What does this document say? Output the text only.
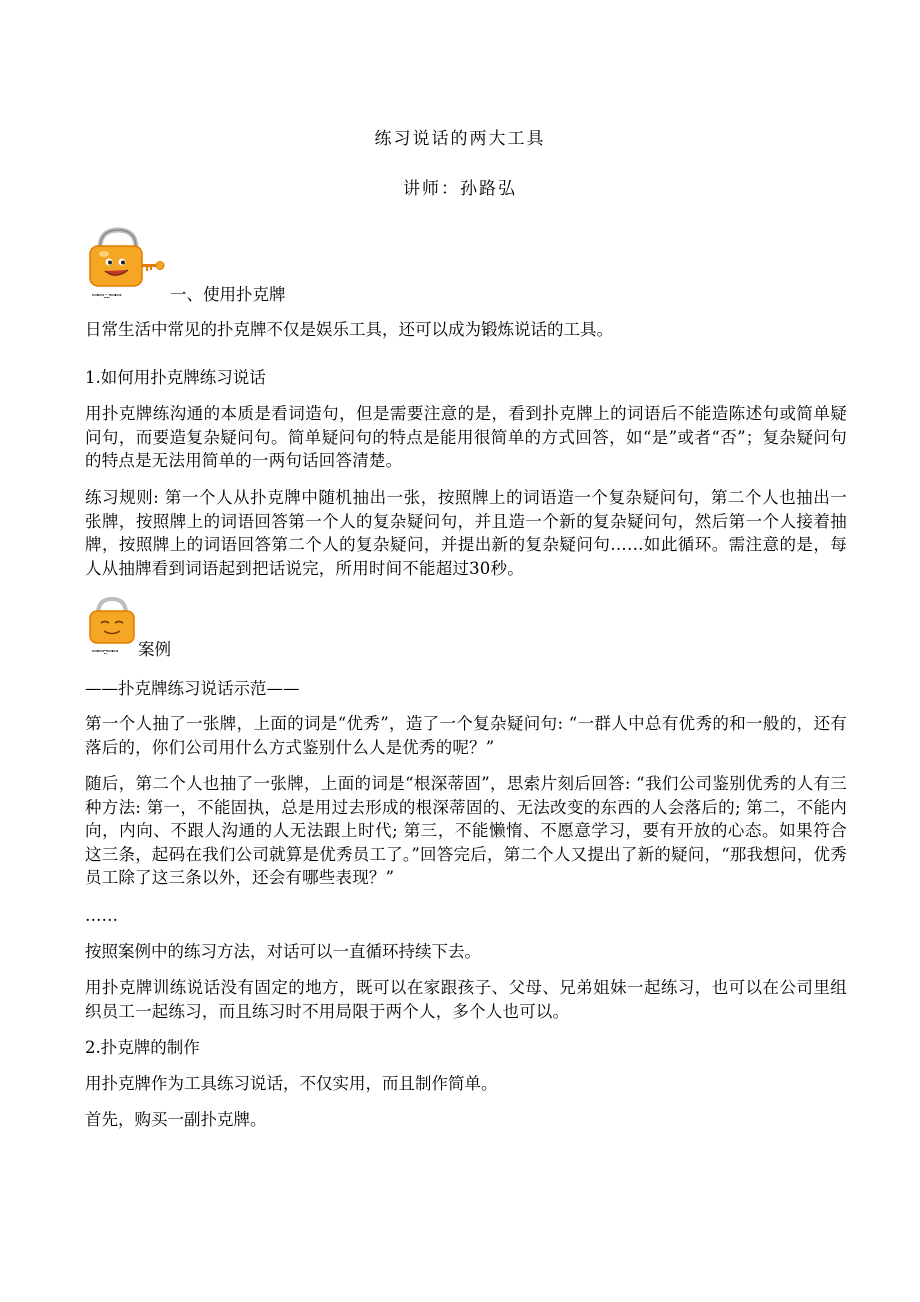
练习说话的两大工具
讲师：孙路弘
ꟷꟷ.:.:ꟷꟷ	一、使用扑克牌
日常生活中常见的扑克牌不仅是娱乐工具，还可以成为锻炼说话的工具。
1.如何用扑克牌练习说话
用扑克牌练沟通的本质是看词造句，但是需要注意的是，看到扑克牌上的词语后不能造陈述句或简单疑问句，而要造复杂疑问句。简单疑问句的特点是能用很简单的方式回答，如“是”或者“否”；复杂疑问句的特点是无法用简单的一两句话回答清楚。
练习规则: 第一个人从扑克牌中随机抽出一张，按照牌上的词语造一个复杂疑问句，第二个人也抽出一张牌，按照牌上的词语回答第一个人的复杂疑问句，并且造一个新的复杂疑问句，然后第一个人接着抽牌，按照牌上的词语回答第二个人的复杂疑问，并提出新的复杂疑问句……如此循环。需注意的是，每人从抽牌看到词语起到把话说完，所用时间不能超过30秒。
ꟷꟷ::ꟷꟷ 案例
——扑克牌练习说话示范——
第一个人抽了一张牌，上面的词是“优秀”，造了一个复杂疑问句: “一群人中总有优秀的和一般的，还有落后的，你们公司用什么方式鉴别什么人是优秀的呢？”
随后，第二个人也抽了一张牌，上面的词是“根深蒂固”，思索片刻后回答: “我们公司鉴别优秀的人有三种方法: 第一，不能固执，总是用过去形成的根深蒂固的、无法改变的东西的人会落后的; 第二，不能内向，内向、不跟人沟通的人无法跟上时代; 第三，不能懒惰、不愿意学习，要有开放的心态。如果符合这三条，起码在我们公司就算是优秀员工了。”回答完后，第二个人又提出了新的疑问，“那我想问，优秀员工除了这三条以外，还会有哪些表现？”
……
按照案例中的练习方法，对话可以一直循环持续下去。
用扑克牌训练说话没有固定的地方，既可以在家跟孩子、父母、兄弟姐妹一起练习，也可以在公司里组织员工一起练习，而且练习时不用局限于两个人，多个人也可以。
2.扑克牌的制作
用扑克牌作为工具练习说话，不仅实用，而且制作简单。
首先，购买一副扑克牌。
